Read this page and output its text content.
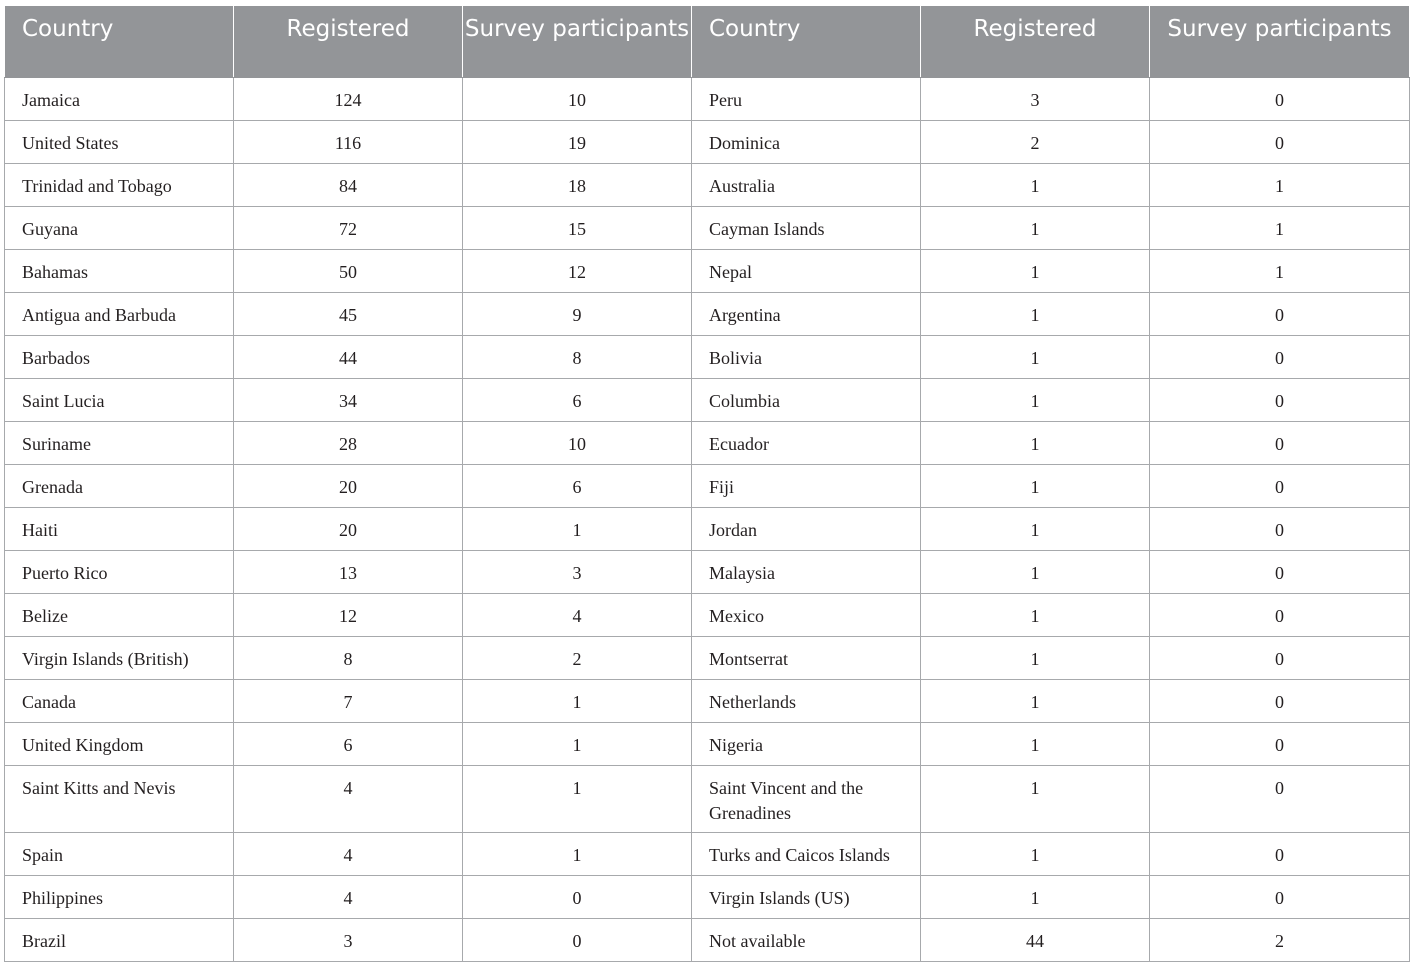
Country	Registered	Survey participants	Country	Registered	Survey participants

Jamaica	124	10	Peru	3	0

United States	116	19	Dominica	2	0

Trinidad and Tobago	84	18	Australia	1	1

Guyana	72	15	Cayman Islands	1	1

Bahamas	50	12	Nepal	1	1

Antigua and Barbuda	45	9	Argentina	1	0

Barbados	44	8	Bolivia	1	0

Saint Lucia	34	6	Columbia	1	0

Suriname	28	10	Ecuador	1	0

Grenada	20	6	Fiji	1	0

Haiti	20	1	Jordan	1	0

Puerto Rico	13	3	Malaysia	1	0

Belize	12	4	Mexico	1	0

Virgin Islands (British)	8	2	Montserrat	1	0

Canada	7	1	Netherlands	1	0

United Kingdom	6	1	Nigeria	1	0

Saint Kitts and Nevis	4	1	Saint Vincent and the Grenadines	1	0

Spain	4	1	Turks and Caicos Islands	1	0

Philippines	4	0	Virgin Islands (US)	1	0

Brazil	3	0	Not available	44	2
